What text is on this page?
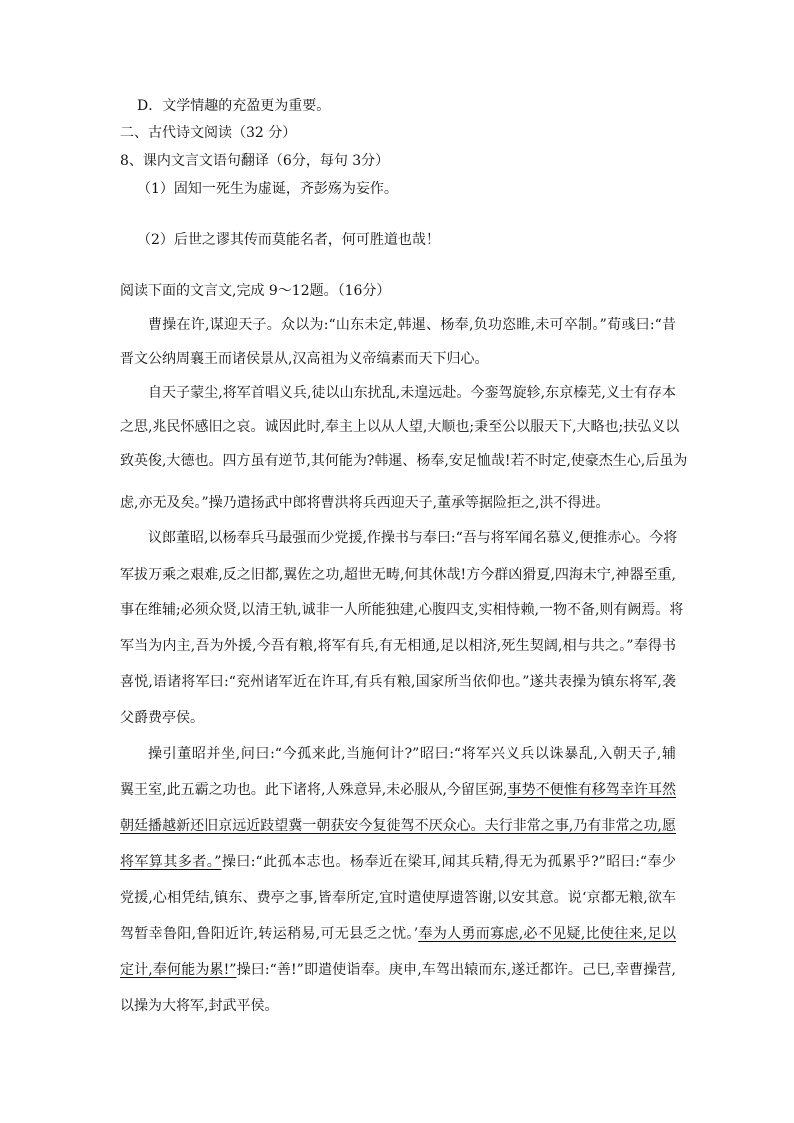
D．文学情趣的充盈更为重要。
二、古代诗文阅读（32 分）
8、课内文言文语句翻译（6分，每句 3分）
（1）固知一死生为虚诞，齐彭殇为妄作。
（2）后世之谬其传而莫能名者，何可胜道也哉！
阅读下面的文言文,完成 9～12题。（16分）
曹操在许,谋迎天子。众以为:“山东未定,韩暹、杨奉,负功恣睢,未可卒制。”荀彧曰:“昔
晋文公纳周襄王而诸侯景从,汉高祖为义帝缟素而天下归心。
自天子蒙尘,将军首唱义兵,徒以山东扰乱,未遑远赴。今銮驾旋轸,东京榛芜,义士有存本
之思,兆民怀感旧之哀。诚因此时,奉主上以从人望,大顺也;秉至公以服天下,大略也;扶弘义以
致英俊,大德也。四方虽有逆节,其何能为?韩暹、杨奉,安足恤哉!若不时定,使豪杰生心,后虽为
虑,亦无及矣。”操乃遣扬武中郎将曹洪将兵西迎天子,董承等据险拒之,洪不得进。
议郎董昭,以杨奉兵马最强而少党援,作操书与奉曰:“吾与将军闻名慕义,便推赤心。今将
军拔万乘之艰难,反之旧都,翼佐之功,超世无畴,何其休哉!方今群凶猾夏,四海未宁,神器至重,
事在维辅;必须众贤,以清王轨,诚非一人所能独建,心腹四支,实相恃赖,一物不备,则有阙焉。将
军当为内主,吾为外援,今吾有粮,将军有兵,有无相通,足以相济,死生契阔,相与共之。”奉得书
喜悦,语诸将军曰:“兖州诸军近在许耳,有兵有粮,国家所当依仰也。”遂共表操为镇东将军,袭
父爵费亭侯。
操引董昭并坐,问曰:“今孤来此,当施何计?”昭曰:“将军兴义兵以诛暴乱,入朝天子,辅
翼王室,此五霸之功也。此下诸将,人殊意异,未必服从,今留匡弼,事势不便惟有移驾幸许耳然
朝廷播越新还旧京远近跂望冀一朝获安今复徙驾不厌众心。夫行非常之事,乃有非常之功,愿
将军算其多者。”操曰:“此孤本志也。杨奉近在梁耳,闻其兵精,得无为孤累乎?”昭曰:“奉少
党援,心相凭结,镇东、费亭之事,皆奉所定,宜时遣使厚遗答谢,以安其意。说‘京都无粮,欲车
驾暂幸鲁阳,鲁阳近许,转运稍易,可无县乏之忧。’奉为人勇而寡虑,必不见疑,比使往来,足以
定计,奉何能为累!”操曰:“善!”即遣使诣奉。庚申,车驾出辕而东,遂迁都许。己巳,幸曹操营,
以操为大将军,封武平侯。
